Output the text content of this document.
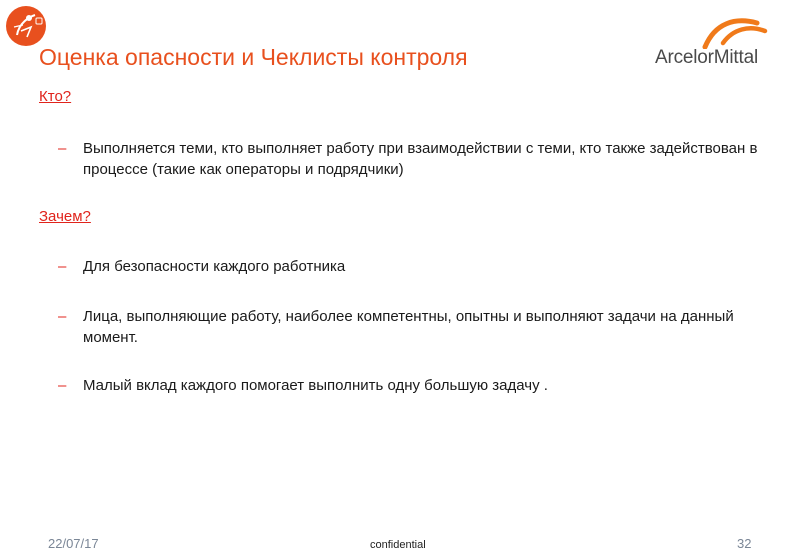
ArcelorMittal
Оценка опасности и Чеклисты контроля
Кто?
– Выполняется теми, кто выполняет работу при взаимодействии с теми, кто также задействован в процессе (такие как операторы и подрядчики)
Зачем?
– Для безопасности каждого работника
– Лица, выполняющие работу, наиболее компетентны, опытны и выполняют задачи на данный момент.
– Малый вклад каждого помогает выполнить одну большую задачу .
22/07/17	confidential	32
